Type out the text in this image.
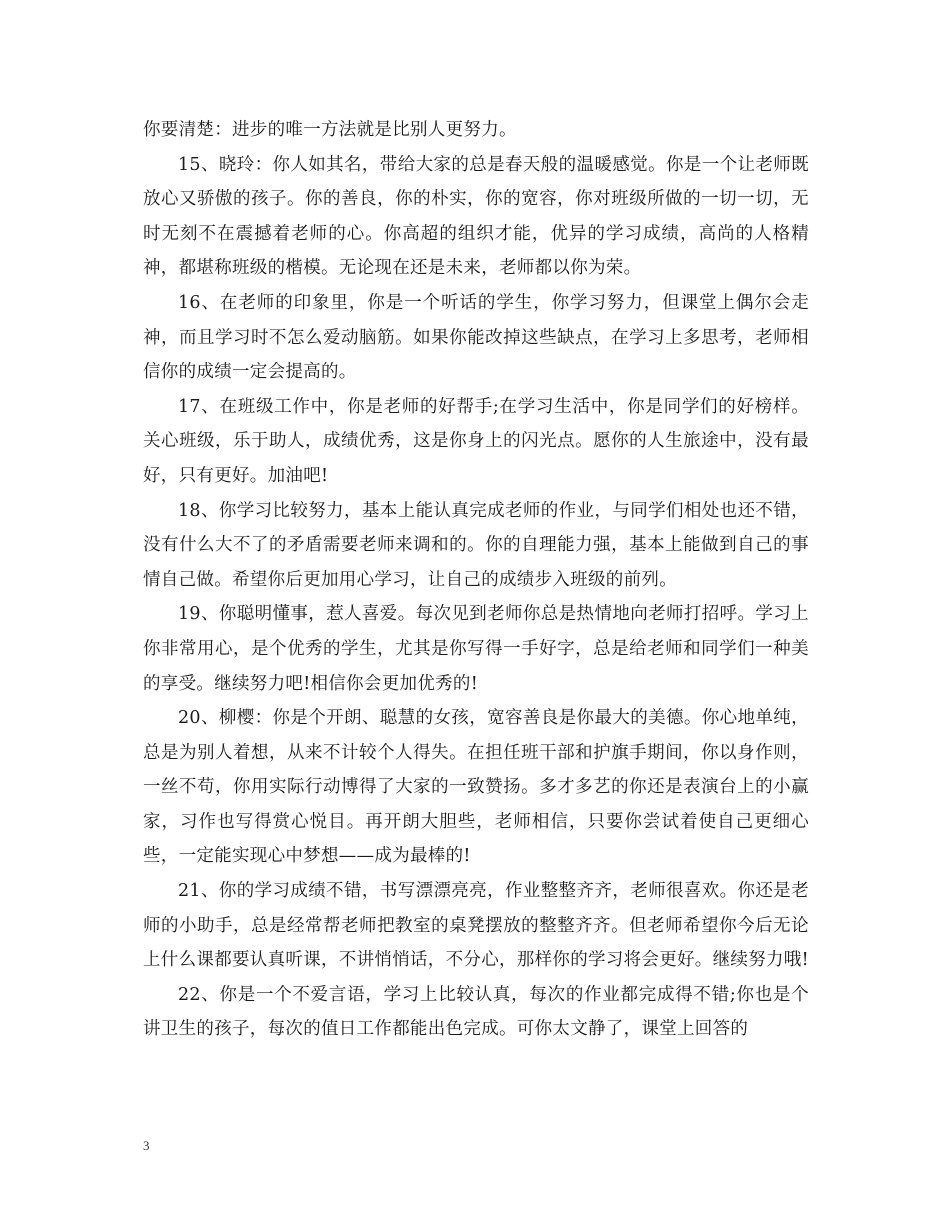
你要清楚：进步的唯一方法就是比别人更努力。

15、晓玲：你人如其名，带给大家的总是春天般的温暖感觉。你是一个让老师既放心又骄傲的孩子。你的善良，你的朴实，你的宽容，你对班级所做的一切一切，无时无刻不在震撼着老师的心。你高超的组织才能，优异的学习成绩，高尚的人格精神，都堪称班级的楷模。无论现在还是未来，老师都以你为荣。

16、在老师的印象里，你是一个听话的学生，你学习努力，但课堂上偶尔会走神，而且学习时不怎么爱动脑筋。如果你能改掉这些缺点，在学习上多思考，老师相信你的成绩一定会提高的。

17、在班级工作中，你是老师的好帮手;在学习生活中，你是同学们的好榜样。关心班级，乐于助人，成绩优秀，这是你身上的闪光点。愿你的人生旅途中，没有最好，只有更好。加油吧!

18、你学习比较努力，基本上能认真完成老师的作业，与同学们相处也还不错，没有什么大不了的矛盾需要老师来调和的。你的自理能力强，基本上能做到自己的事情自己做。希望你后更加用心学习，让自己的成绩步入班级的前列。

19、你聪明懂事，惹人喜爱。每次见到老师你总是热情地向老师打招呼。学习上你非常用心，是个优秀的学生，尤其是你写得一手好字，总是给老师和同学们一种美的享受。继续努力吧!相信你会更加优秀的!

20、柳樱：你是个开朗、聪慧的女孩，宽容善良是你最大的美德。你心地单纯，总是为别人着想，从来不计较个人得失。在担任班干部和护旗手期间，你以身作则，一丝不苟，你用实际行动博得了大家的一致赞扬。多才多艺的你还是表演台上的小赢家，习作也写得赏心悦目。再开朗大胆些，老师相信，只要你尝试着使自己更细心些，一定能实现心中梦想——成为最棒的!

21、你的学习成绩不错，书写漂漂亮亮，作业整整齐齐，老师很喜欢。你还是老师的小助手，总是经常帮老师把教室的桌凳摆放的整整齐齐。但老师希望你今后无论上什么课都要认真听课，不讲悄悄话，不分心，那样你的学习将会更好。继续努力哦!

22、你是一个不爱言语，学习上比较认真，每次的作业都完成得不错;你也是个讲卫生的孩子，每次的值日工作都能出色完成。可你太文静了，课堂上回答的

3
